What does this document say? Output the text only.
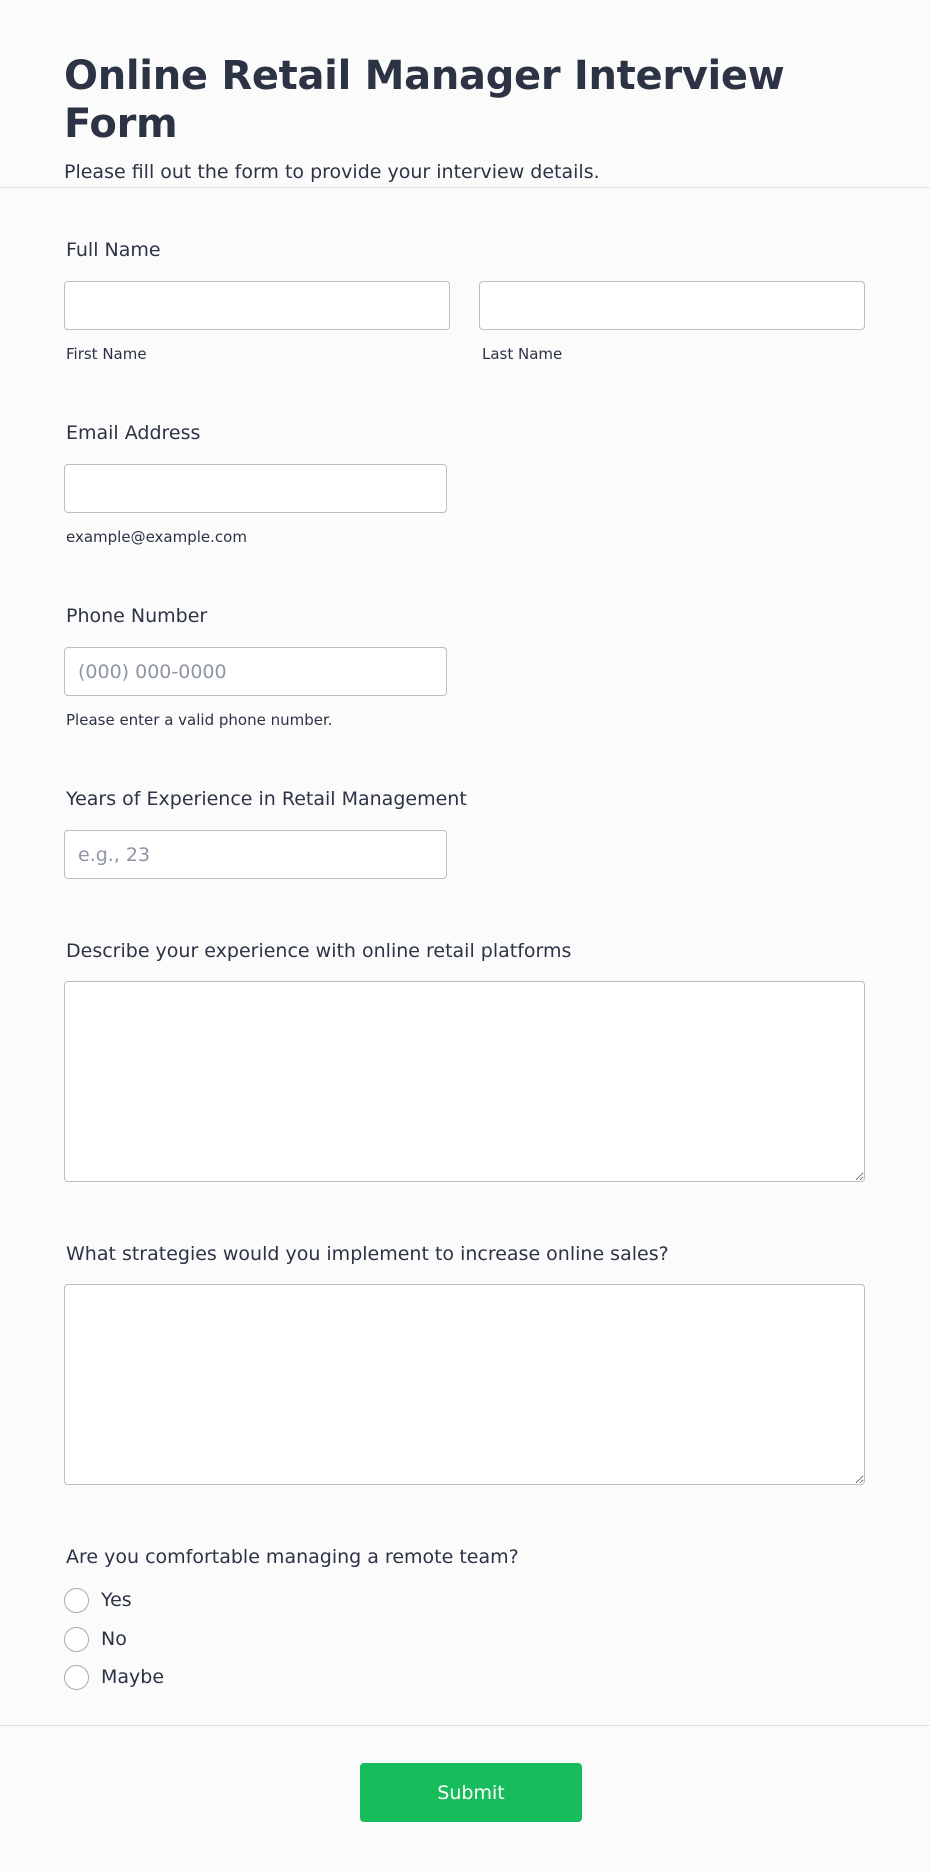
Online Retail Manager Interview Form

Please fill out the form to provide your interview details.

Full Name
First Name	Last Name
Email Address
example@example.com
Phone Number
(000) 000-0000
Please enter a valid phone number.
Years of Experience in Retail Management
e.g., 23
Describe your experience with online retail platforms
What strategies would you implement to increase online sales?
Are you comfortable managing a remote team?
Yes
No
Maybe
Submit
